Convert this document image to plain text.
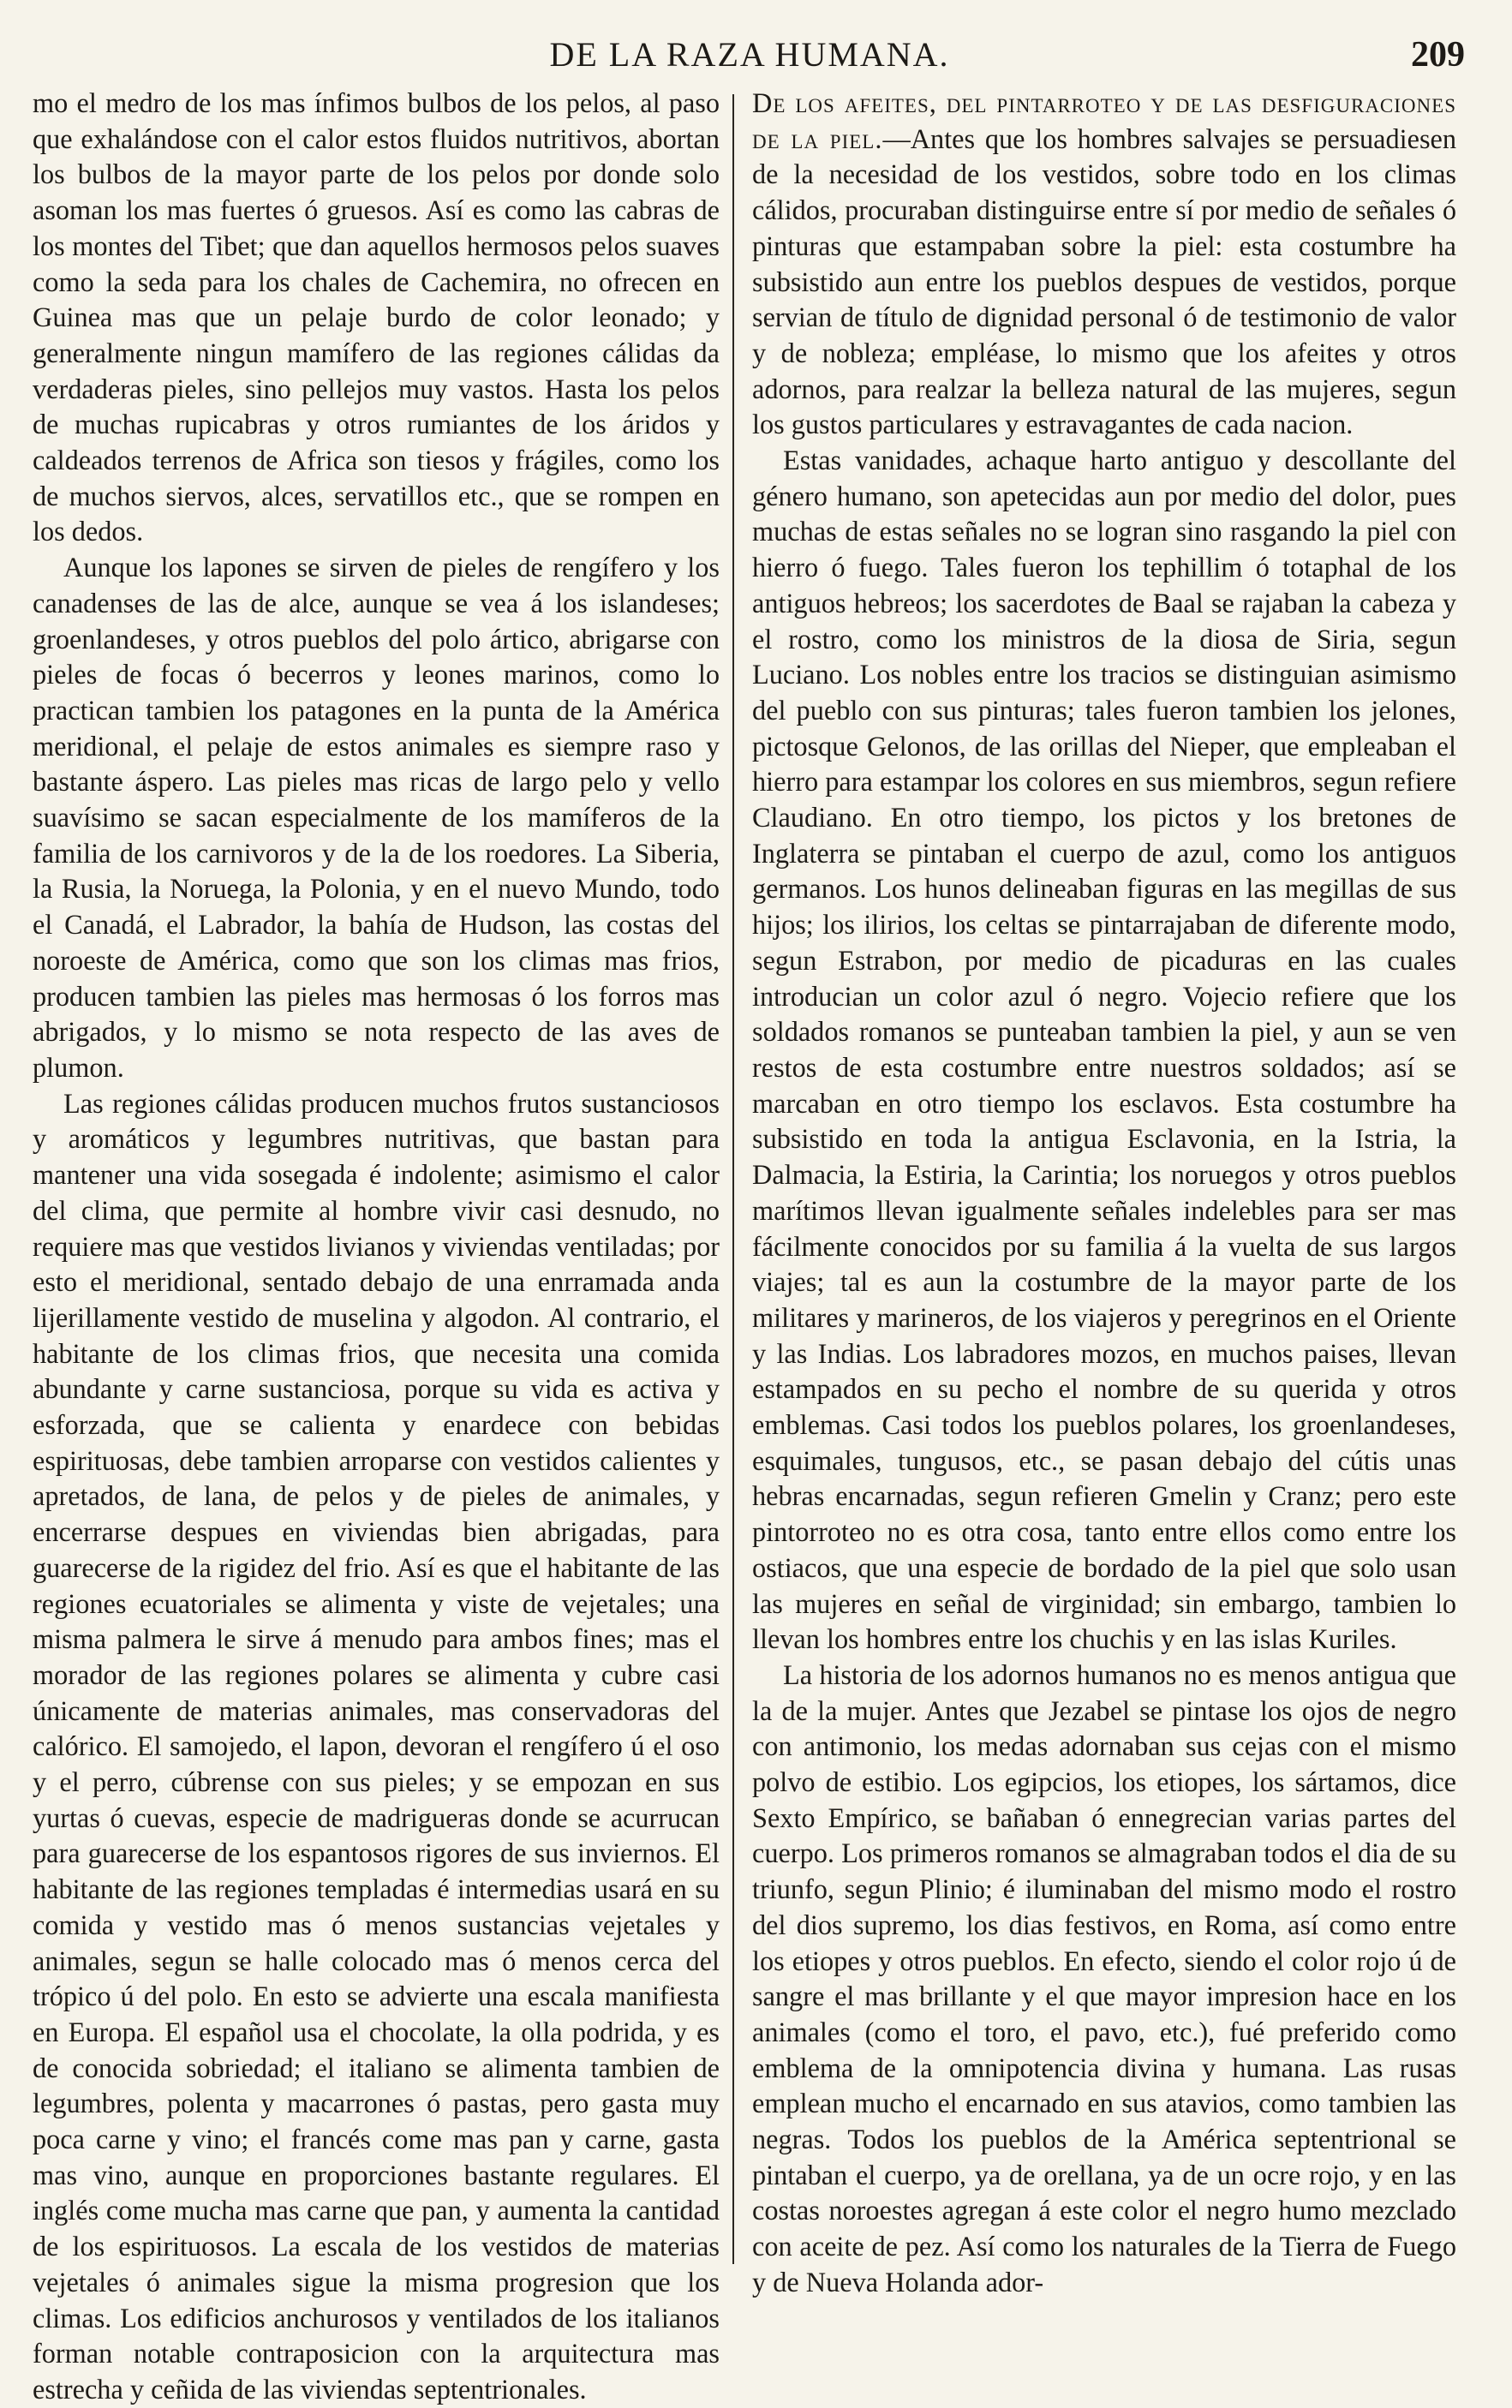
DE LA RAZA HUMANA.	209

mo el medro de los mas ínfimos bulbos de los pelos, al paso que exhalándose con el calor estos fluidos nutritivos, abortan los bulbos de la mayor parte de los pelos por donde solo asoman los mas fuertes ó gruesos. Así es como las cabras de los montes del Tibet; que dan aquellos hermosos pelos suaves como la seda para los chales de Cachemira, no ofrecen en Guinea mas que un pelaje burdo de color leonado; y generalmente ningun mamífero de las regiones cálidas da verdaderas pieles, sino pellejos muy vastos. Hasta los pelos de muchas rupicabras y otros rumiantes de los áridos y caldeados terrenos de Africa son tiesos y frágiles, como los de muchos siervos, alces, servatillos etc., que se rompen en los dedos.

Aunque los lapones se sirven de pieles de rengífero y los canadenses de las de alce, aunque se vea á los islandeses; groenlandeses, y otros pueblos del polo ártico, abrigarse con pieles de focas ó becerros y leones marinos, como lo practican tambien los patagones en la punta de la América meridional, el pelaje de estos animales es siempre raso y bastante áspero. Las pieles mas ricas de largo pelo y vello suavísimo se sacan especialmente de los mamíferos de la familia de los carnivoros y de la de los roedores. La Siberia, la Rusia, la Noruega, la Polonia, y en el nuevo Mundo, todo el Canadá, el Labrador, la bahía de Hudson, las costas del noroeste de América, como que son los climas mas frios, producen tambien las pieles mas hermosas ó los forros mas abrigados, y lo mismo se nota respecto de las aves de plumon.

Las regiones cálidas producen muchos frutos sustanciosos y aromáticos y legumbres nutritivas, que bastan para mantener una vida sosegada é indolente; asimismo el calor del clima, que permite al hombre vivir casi desnudo, no requiere mas que vestidos livianos y viviendas ventiladas; por esto el meridional, sentado debajo de una enrramada anda lijerillamente vestido de muselina y algodon. Al contrario, el habitante de los climas frios, que necesita una comida abundante y carne sustanciosa, porque su vida es activa y esforzada, que se calienta y enardece con bebidas espirituosas, debe tambien arroparse con vestidos calientes y apretados, de lana, de pelos y de pieles de animales, y encerrarse despues en viviendas bien abrigadas, para guarecerse de la rigidez del frio. Así es que el habitante de las regiones ecuatoriales se alimenta y viste de vejetales; una misma palmera le sirve á menudo para ambos fines; mas el morador de las regiones polares se alimenta y cubre casi únicamente de materias animales, mas conservadoras del calórico. El samojedo, el lapon, devoran el rengífero ú el oso y el perro, cúbrense con sus pieles; y se empozan en sus yurtas ó cuevas, especie de madrigueras donde se acurrucan para guarecerse de los espantosos rigores de sus inviernos. El habitante de las regiones templadas é intermedias usará en su comida y vestido mas ó menos sustancias vejetales y animales, segun se halle colocado mas ó menos cerca del trópico ú del polo. En esto se advierte una escala manifiesta en Europa. El español usa el chocolate, la olla podrida, y es de conocida sobriedad; el italiano se alimenta tambien de legumbres, polenta y macarrones ó pastas, pero gasta muy poca carne y vino; el francés come mas pan y carne, gasta mas vino, aunque en proporciones bastante regulares. El inglés come mucha mas carne que pan, y aumenta la cantidad de los espirituosos. La escala de los vestidos de materias vejetales ó animales sigue la misma progresion que los climas. Los edificios anchurosos y ventilados de los italianos forman notable contraposicion con la arquitectura mas estrecha y ceñida de las viviendas septentrionales.

De los afeites, del pintarroteo y de las desfiguraciones de la piel.—Antes que los hombres salvajes se persuadiesen de la necesidad de los vestidos, sobre todo en los climas cálidos, procuraban distinguirse entre sí por medio de señales ó pinturas que estampaban sobre la piel: esta costumbre ha subsistido aun entre los pueblos despues de vestidos, porque servian de título de dignidad personal ó de testimonio de valor y de nobleza; empléase, lo mismo que los afeites y otros adornos, para realzar la belleza natural de las mujeres, segun los gustos particulares y estravagantes de cada nacion.

Estas vanidades, achaque harto antiguo y descollante del género humano, son apetecidas aun por medio del dolor, pues muchas de estas señales no se logran sino rasgando la piel con hierro ó fuego. Tales fueron los tephillim ó totaphal de los antiguos hebreos; los sacerdotes de Baal se rajaban la cabeza y el rostro, como los ministros de la diosa de Siria, segun Luciano. Los nobles entre los tracios se distinguian asimismo del pueblo con sus pinturas; tales fueron tambien los jelones, pictosque Gelonos, de las orillas del Nieper, que empleaban el hierro para estampar los colores en sus miembros, segun refiere Claudiano. En otro tiempo, los pictos y los bretones de Inglaterra se pintaban el cuerpo de azul, como los antiguos germanos. Los hunos delineaban figuras en las megillas de sus hijos; los ilirios, los celtas se pintarrajaban de diferente modo, segun Estrabon, por medio de picaduras en las cuales introducian un color azul ó negro. Vojecio refiere que los soldados romanos se punteaban tambien la piel, y aun se ven restos de esta costumbre entre nuestros soldados; así se marcaban en otro tiempo los esclavos. Esta costumbre ha subsistido en toda la antigua Esclavonia, en la Istria, la Dalmacia, la Estiria, la Carintia; los noruegos y otros pueblos marítimos llevan igualmente señales indelebles para ser mas fácilmente conocidos por su familia á la vuelta de sus largos viajes; tal es aun la costumbre de la mayor parte de los militares y marineros, de los viajeros y peregrinos en el Oriente y las Indias. Los labradores mozos, en muchos paises, llevan estampados en su pecho el nombre de su querida y otros emblemas. Casi todos los pueblos polares, los groenlandeses, esquimales, tungusos, etc., se pasan debajo del cútis unas hebras encarnadas, segun refieren Gmelin y Cranz; pero este pintorroteo no es otra cosa, tanto entre ellos como entre los ostiacos, que una especie de bordado de la piel que solo usan las mujeres en señal de virginidad; sin embargo, tambien lo llevan los hombres entre los chuchis y en las islas Kuriles.

La historia de los adornos humanos no es menos antigua que la de la mujer. Antes que Jezabel se pintase los ojos de negro con antimonio, los medas adornaban sus cejas con el mismo polvo de estibio. Los egipcios, los etiopes, los sártamos, dice Sexto Empírico, se bañaban ó ennegrecian varias partes del cuerpo. Los primeros romanos se almagraban todos el dia de su triunfo, segun Plinio; é iluminaban del mismo modo el rostro del dios supremo, los dias festivos, en Roma, así como entre los etiopes y otros pueblos. En efecto, siendo el color rojo ú de sangre el mas brillante y el que mayor impresion hace en los animales (como el toro, el pavo, etc.), fué preferido como emblema de la omnipotencia divina y humana. Las rusas emplean mucho el encarnado en sus atavios, como tambien las negras. Todos los pueblos de la América septentrional se pintaban el cuerpo, ya de orellana, ya de un ocre rojo, y en las costas noroestes agregan á este color el negro humo mezclado con aceite de pez. Así como los naturales de la Tierra de Fuego y de Nueva Holanda ador-
